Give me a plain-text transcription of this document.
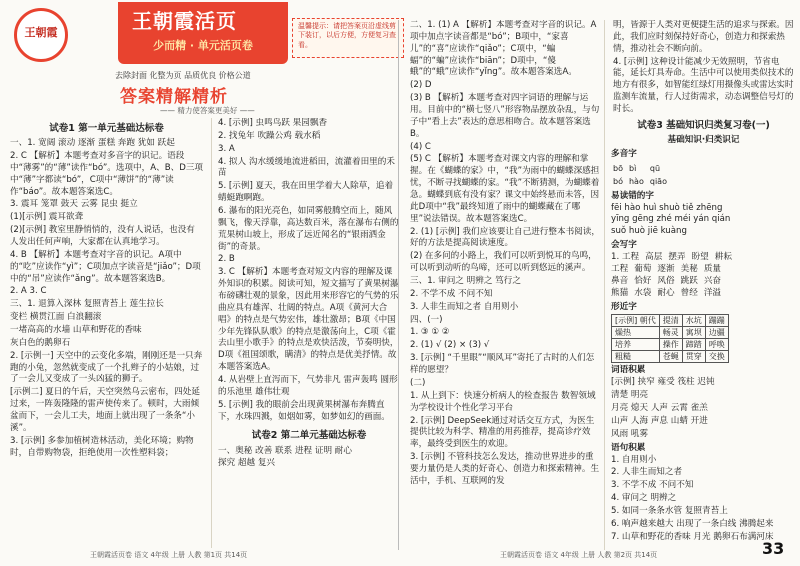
王朝霞	王朝霞活页
少而精 · 单元活页卷
温馨提示：请把答案页沿虚线剪下装订，以后方便，方便复习查看。
去除封面 化整为页 品质优良 价格公道
答案精解精析
—— 精力使答案更美好 ——
试卷1 第一单元基础达标卷
一、1. 宽阔 滚动 逐渐 蛋糕 奔跑 犹如 跃起
2. C 【解析】本题考查对多音字的识记。语段中“薄雾”的“薄”读作“bó”。选项中，A、B、D三项中“薄”字都读“bó”，C项中“薄饼”的“薄”读作“báo”。故本题答案选C。
3. 震耳 笼罩 鼓天 云雾 昆虫 挺立
(1)[示例] 震耳欲聋
(2)[示例] 教室里静悄悄的，没有人说话，也没有人发出任何声响，大家都在认真地学习。
4. B 【解析】本题考查对字音的识记。A项中的“吃”应读作“yì”；C项加点字读音是“jiǎo”；D项中的“吊”应读作“ǎng”。故本题答案选B。
2. A 3. C
三、1. 退算入深林 复照青苔上 莲生拉长
变栏 横贯江面 白浪翻滚
一堵高高的水墙 山草和野花的香味
灰白色的鹅卵石
2. [示例一] 天空中的云变化多端，刚刚还是一只奔跑的小兔，忽然就变成了一个扎辫子的小姑娘，过了一会儿又变成了一头凶猛的狮子。
[示例二] 夏日的午后，天空突然乌云密布，四处延过来，一阵轰隆隆的雷声使传来了。顿时，大雨倾盆而下，一会儿工夫，地面上就出现了一条条“小溪”。
3. [示例] 多参加植树造林活动，美化环境；购物时，自带购物袋，拒绝使用一次性塑料袋；
4. [示例] 虫鸣鸟跃 果园飘香
2. 找兔年 吹躁公鸡 载水稻
3. A
4. 拟人 沟水缓缓地流进稻田，流灌着田里的禾苗
5. [示例] 夏天，我在田里学着大人除草，追着蜻蜓跑啊跑。
6. 瀑布的阳光亮色，如同雾般腾空而上，随风飘飞，像天浮靠，高达数百米，落在瀑布右侧的荒果树山坡上，形成了远近闻名的“银雨洒金街”的奇景。
2. B
3. C 【解析】本题考查对短文内容的理解及课外知识的积累。阅读可知，短文描写了黄果树瀑布磅礴壮观的景象，因此用来形容它的气势的乐曲应具有雄浑、壮阔的特点。A项《黄河大合唱》的特点是气势宏伟，雄壮激昂；B项《中国少年先锋队队歌》的特点是激荡向上，C项《霍去山里小歌手》的特点是欢快活泼，节奏明快，D项《祖国颂歌，瞒清》的特点是优美抒情。故本题答案选A。
4. 从岩壁上直泻而下，气势非凡 雷声轰鸣 圆形的乐池里 雄伟壮观
5. [示例] 我的眼前会出现黄果树瀑布奔腾直下，水珠四溅，如烟如雾，如梦如幻的画面。
试卷2 第二单元基础达标卷
一、奥秘 改善 联系 进程 证明 耐心
探究 超越 复兴
二、1. (1) A 【解析】本题考查对字音的识记。A项中加点字读音都是“bó”；B项中，“家喜儿”的“喜”应读作“qiǎo”；C项中，“蝙蝠”的“蝙”应读作“biān”；D项中，“傻蛾”的“蛾”应读作“yǐng”。故本题答案选A。
(2) D
(3) B 【解析】本题考查对四字词语的理解与运用。目前中的“横七竖八”形容物品摆放杂乱，与句子中“看上去”表达的意思相吻合。故本题答案选B。
(4) C
(5) C 【解析】本题考查对课文内容的理解和掌握。在《蝴蝶的家》中，“我”为雨中的蝴蝶深感担忧，不断寻找蝴蝶的家。“我”不断猜测，为蝴蝶着急。蝴蝶到底有没有家？课文中始终悬而未答，因此D项中“我”最终知道了雨中的蝴蝶藏在了哪里”说法错误。故本题答案选C。
2. (1) [示例] 我们应该要让自己进行整本书阅读，好的方法是提高阅读速度。
(2) 在多问的小路上，我们可以听到悦耳的鸟鸣，可以听到动听的鸟啼，还可以听到悠远的溪声。
三、1. 审问之 明辨之 笃行之
2. 不学不成 不问不知
3. 人非生而知之者 自用则小
四、(一)
1. ③ ① ②
2. (1) √ (2) × (3) √
3. [示例] “千里眼”“顺风耳”寄托了古时的人们怎样的愿望？
(二)
1. 从上到下：快速分析病人的检查报告 数智领域 为学校设计个性化学习平台
2. [示例] DeepSeek通过对话交互方式，为医生提供比较为科学、精准的用药推荐，提高诊疗效率，最终受到医生的欢迎。
3. [示例] 不管科技怎么发达，推动世界进步的重要力量仍是人类的好奇心、创造力和探索精神。生活中，手机、互联网的发
明，皆源于人类对更便捷生活的追求与探索。因此，我们应时刻保持好奇心，创造力和探索热情，推动社会不断向前。
4. [示例] 这种设计能减少无效照明，节省电能，延长灯具寿命。生活中可以使用类似技术的地方有很多，如智能红绿灯用摄像头或雷达实时监测车流量，行人过街需求，动态调整信号灯的时长。
试卷3 基础知识归类复习卷(一)
基础知识·归类识记
多音字
bō	bì	qū
bó	hào	qiāo
易读错的字
fēi hào huì shuò tiě zhēng
yīng gēng zhé méi yán qián
suǒ huò jiē kuàng
会写字
1. 工程 高层 摆弄 盼望 耕耘
工程 葡萄 逐渐 美秘 质量
鼻音 恰好 风俗 跳跃 兴奋
熊猫 水袋 耐心 曾经 洋溢
形近字
[示例] 朝代	提清	水坑	蹦蹦
燥热	畅灵	寓坝	边疆
培养	操作	蹄踏	呼唤
粗糙	苍蝇	贯穿	交换
词语积累
[示例] 挟窄 雍受 筏柱 迟钝
清楚 明亮
月亮 熄天 人声 云霄 雀羔
山声 人海 声息 山蜻 开进
风雨 吼雾
语句积累
1. 自用则小
2. 人非生而知之者
3. 不学不成 不问不知
4. 审问之 明辨之
5. 如同一条条水管 复照青苔上
6. 响声越来越大 出现了一条白线 沸腾起来
7. 山草和野花的香味 月光 鹅卵石布满河床
王朝霞活页卷 语文 4年级 上册 人教 第1页 共14页	王朝霞活页卷 语文 4年级 上册 人教 第2页 共14页	33
